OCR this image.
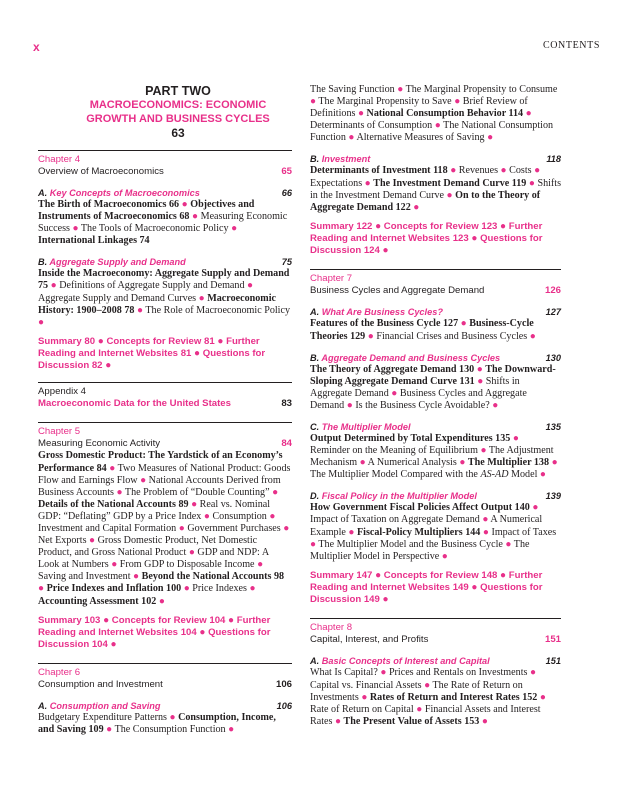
x	CONTENTS
PART TWO
MACROECONOMICS: ECONOMIC
GROWTH AND BUSINESS CYCLES
63
Chapter 4
Overview of Macroeconomics	65
A. Key Concepts of Macroeconomics	66
The Birth of Macroeconomics 66 ● Objectives and Instruments of Macroeconomics 68 ● Measuring Economic Success ● The Tools of Macroeconomic Policy ● International Linkages 74
B. Aggregate Supply and Demand	75
Inside the Macroeconomy: Aggregate Supply and Demand 75 ● Definitions of Aggregate Supply and Demand ● Aggregate Supply and Demand Curves ● Macroeconomic History: 1900–2008 78 ● The Role of Macroeconomic Policy ●
Summary 80 ● Concepts for Review 81 ● Further Reading and Internet Websites 81 ● Questions for Discussion 82 ●
Appendix 4
Macroeconomic Data for the United States	83
Chapter 5
Measuring Economic Activity	84
Gross Domestic Product: The Yardstick of an Economy’s Performance 84 ● Two Measures of National Product: Goods Flow and Earnings Flow ● National Accounts Derived from Business Accounts ● The Problem of “Double Counting” ● Details of the National Accounts 89 ● Real vs. Nominal GDP: “Deflating” GDP by a Price Index ● Consumption ● Investment and Capital Formation ● Government Purchases ● Net Exports ● Gross Domestic Product, Net Domestic Product, and Gross National Product ● GDP and NDP: A Look at Numbers ● From GDP to Disposable Income ● Saving and Investment ● Beyond the National Accounts 98 ● Price Indexes and Inflation 100 ● Price Indexes ● Accounting Assessment 102 ●
Summary 103 ● Concepts for Review 104 ● Further Reading and Internet Websites 104 ● Questions for Discussion 104 ●
Chapter 6
Consumption and Investment	106
A. Consumption and Saving	106
Budgetary Expenditure Patterns ● Consumption, Income, and Saving 109 ● The Consumption Function ●
The Saving Function ● The Marginal Propensity to Consume ● The Marginal Propensity to Save ● Brief Review of Definitions ● National Consumption Behavior 114 ● Determinants of Consumption ● The National Consumption Function ● Alternative Measures of Saving ●
B. Investment	118
Determinants of Investment 118 ● Revenues ● Costs ● Expectations ● The Investment Demand Curve 119 ● Shifts in the Investment Demand Curve ● On to the Theory of Aggregate Demand 122 ●
Summary 122 ● Concepts for Review 123 ● Further Reading and Internet Websites 123 ● Questions for Discussion 124 ●
Chapter 7
Business Cycles and Aggregate Demand	126
A. What Are Business Cycles?	127
Features of the Business Cycle 127 ● Business-Cycle Theories 129 ● Financial Crises and Business Cycles ●
B. Aggregate Demand and Business Cycles	130
The Theory of Aggregate Demand 130 ● The Downward-Sloping Aggregate Demand Curve 131 ● Shifts in Aggregate Demand ● Business Cycles and Aggregate Demand ● Is the Business Cycle Avoidable? ●
C. The Multiplier Model	135
Output Determined by Total Expenditures 135 ● Reminder on the Meaning of Equilibrium ● The Adjustment Mechanism ● A Numerical Analysis ● The Multiplier 138 ● The Multiplier Model Compared with the AS-AD Model ●
D. Fiscal Policy in the Multiplier Model	139
How Government Fiscal Policies Affect Output 140 ● Impact of Taxation on Aggregate Demand ● A Numerical Example ● Fiscal-Policy Multipliers 144 ● Impact of Taxes ● The Multiplier Model and the Business Cycle ● The Multiplier Model in Perspective ●
Summary 147 ● Concepts for Review 148 ● Further Reading and Internet Websites 149 ● Questions for Discussion 149 ●
Chapter 8
Capital, Interest, and Profits	151
A. Basic Concepts of Interest and Capital	151
What Is Capital? ● Prices and Rentals on Investments ● Capital vs. Financial Assets ● The Rate of Return on Investments ● Rates of Return and Interest Rates 152 ● Rate of Return on Capital ● Financial Assets and Interest Rates ● The Present Value of Assets 153 ●
